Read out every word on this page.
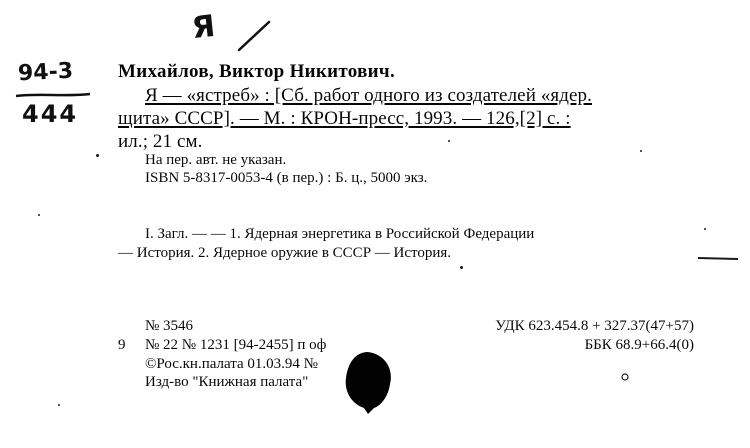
Я
94-3
444
Михайлов, Виктор Никитович.
Я — «ястреб» : [Сб. работ одного из создателей «ядер.
щита» СССР]. — М. : КРОН-пресс, 1993. — 126,[2] с. :
ил.; 21 см.
На пер. авт. не указан.
ISBN 5-8317-0053-4 (в пер.) : Б. ц., 5000 экз.
I. Загл. — — 1. Ядерная энергетика в Российской Федерации
— История. 2. Ядерное оружие в СССР — История.
№ 3546
9 № 22 № 1231 [94-2455] п оф
©Рос.кн.палата 01.03.94 №
Изд-во "Книжная палата"
УДК 623.454.8 + 327.37(47+57)
ББК 68.9+66.4(0)
